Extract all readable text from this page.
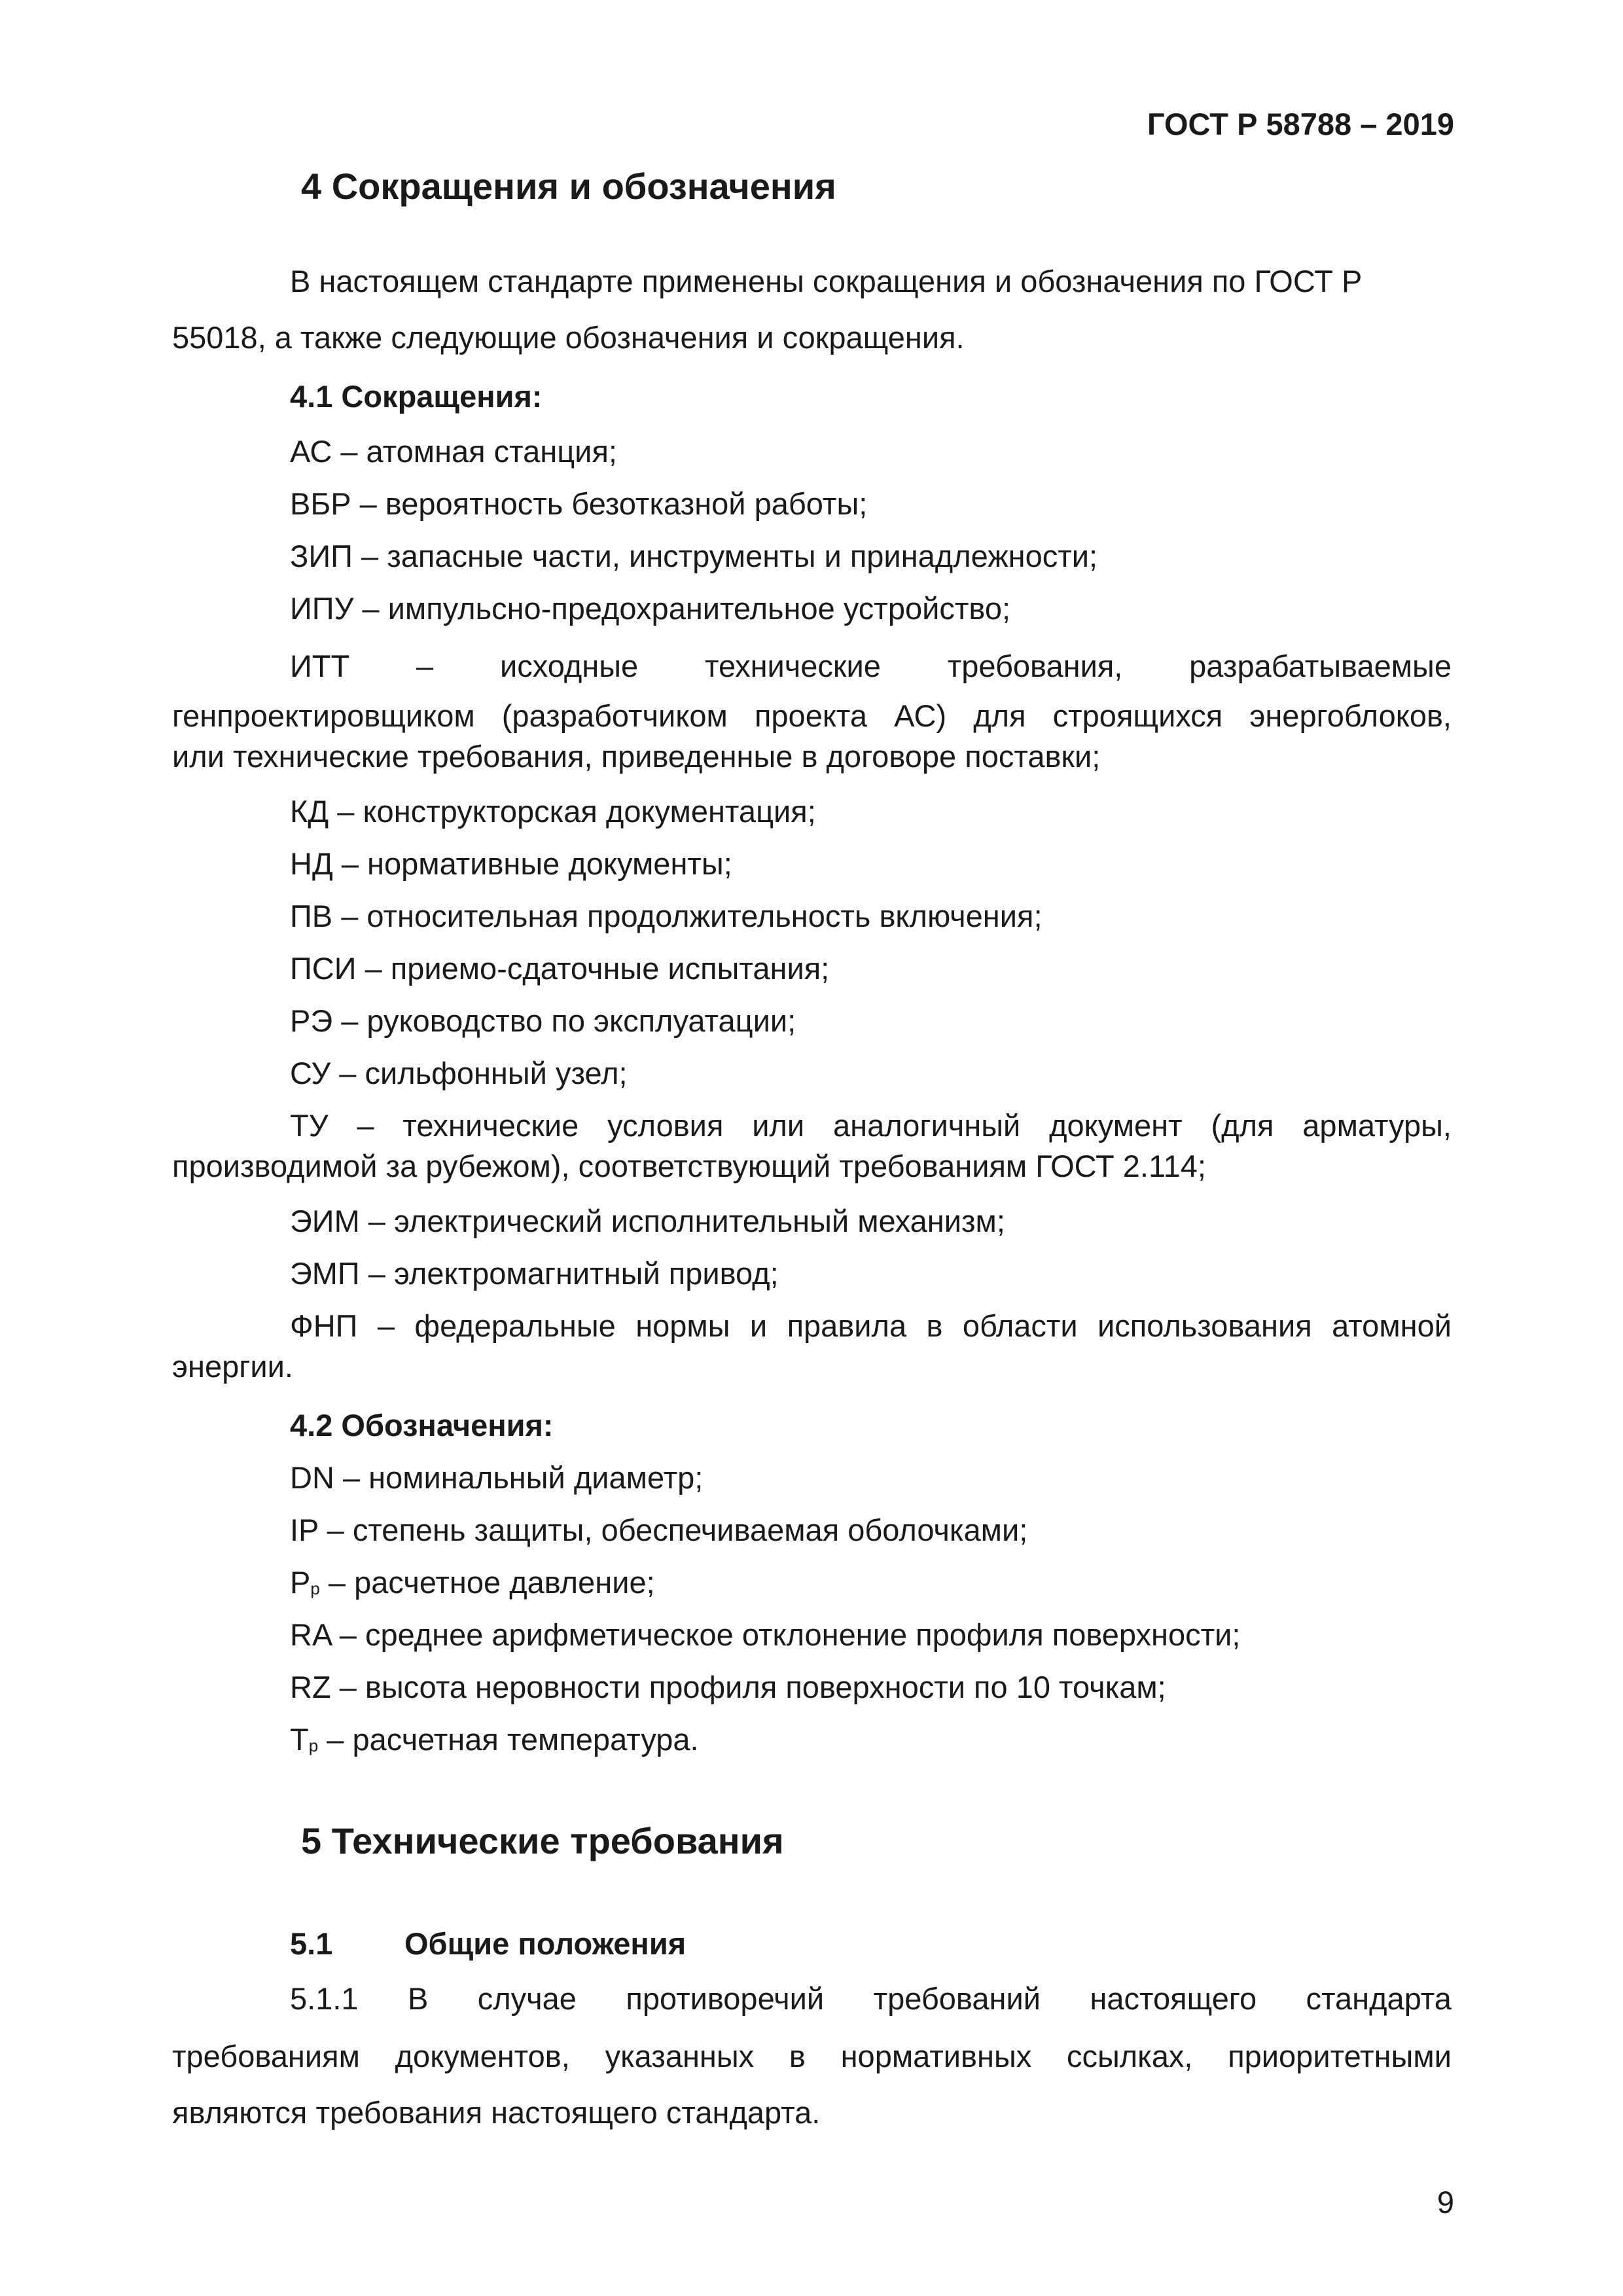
ГОСТ Р 58788 – 2019
4 Сокращения и обозначения
В настоящем стандарте применены сокращения и обозначения по ГОСТ Р
55018, а также следующие обозначения и сокращения.
4.1 Сокращения:
АС – атомная станция;
ВБР – вероятность безотказной работы;
ЗИП – запасные части, инструменты и принадлежности;
ИПУ – импульсно-предохранительное устройство;
ИТТ – исходные технические требования, разрабатываемые
генпроектировщиком (разработчиком проекта АС) для строящихся энергоблоков,
или технические требования, приведенные в договоре поставки;
КД – конструкторская документация;
НД – нормативные документы;
ПВ – относительная продолжительность включения;
ПСИ – приемо-сдаточные испытания;
РЭ – руководство по эксплуатации;
СУ – сильфонный узел;
ТУ – технические условия или аналогичный документ (для арматуры,
производимой за рубежом), соответствующий требованиям ГОСТ 2.114;
ЭИМ – электрический исполнительный механизм;
ЭМП – электромагнитный привод;
ФНП – федеральные нормы и правила в области использования атомной
энергии.
4.2 Обозначения:
DN – номинальный диаметр;
IP – степень защиты, обеспечиваемая оболочками;
$P_р$ – расчетное давление;
RA – среднее арифметическое отклонение профиля поверхности;
RZ – высота неровности профиля поверхности по 10 точкам;
$T_р$ – расчетная температура.
5 Технические требования
5.1 Общие положения
5.1.1 В случае противоречий требований настоящего стандарта
требованиям документов, указанных в нормативных ссылках, приоритетными
являются требования настоящего стандарта.
9
